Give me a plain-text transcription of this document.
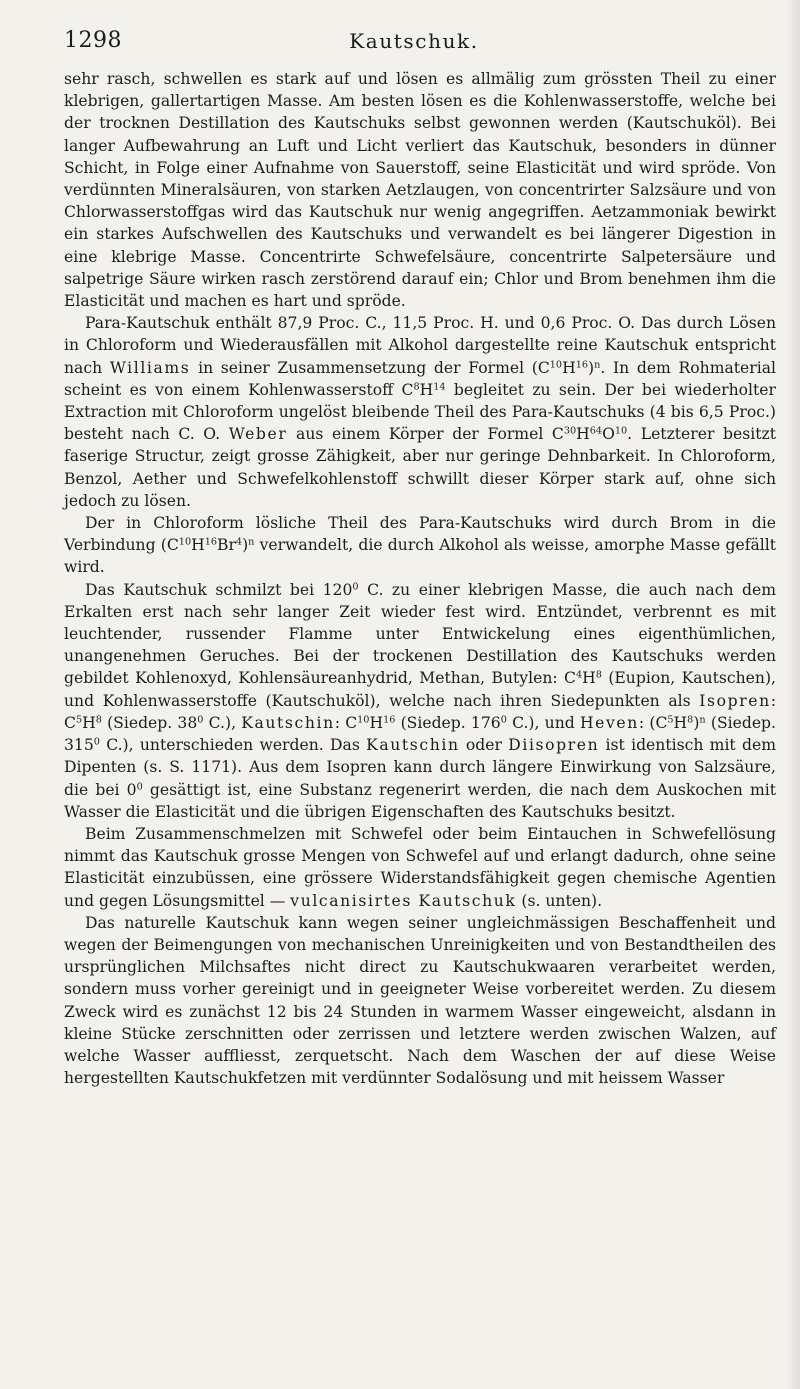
1298	Kautschuk.

sehr rasch, schwellen es stark auf und lösen es allmälig zum grössten Theil zu einer klebrigen, gallertartigen Masse. Am besten lösen es die Kohlenwasserstoffe, welche bei der trocknen Destillation des Kautschuks selbst gewonnen werden (Kautschuköl). Bei langer Aufbewahrung an Luft und Licht verliert das Kautschuk, besonders in dünner Schicht, in Folge einer Aufnahme von Sauerstoff, seine Elasticität und wird spröde. Von verdünnten Mineralsäuren, von starken Aetzlaugen, von concentrirter Salzsäure und von Chlorwasserstoffgas wird das Kautschuk nur wenig angegriffen. Aetzammoniak bewirkt ein starkes Aufschwellen des Kautschuks und verwandelt es bei längerer Digestion in eine klebrige Masse. Concentrirte Schwefelsäure, concentrirte Salpetersäure und salpetrige Säure wirken rasch zerstörend darauf ein; Chlor und Brom benehmen ihm die Elasticität und machen es hart und spröde.

Para-Kautschuk enthält 87,9 Proc. C., 11,5 Proc. H. und 0,6 Proc. O. Das durch Lösen in Chloroform und Wiederausfällen mit Alkohol dargestellte reine Kautschuk entspricht nach Williams in seiner Zusammensetzung der Formel $(C^{10}H^{16})^n$. In dem Rohmaterial scheint es von einem Kohlenwasserstoff $C^8H^{14}$ begleitet zu sein. Der bei wiederholter Extraction mit Chloroform ungelöst bleibende Theil des Para-Kautschuks (4 bis 6,5 Proc.) besteht nach C. O. Weber aus einem Körper der Formel $C^{30}H^{64}O^{10}$. Letzterer besitzt faserige Structur, zeigt grosse Zähigkeit, aber nur geringe Dehnbarkeit. In Chloroform, Benzol, Aether und Schwefelkohlenstoff schwillt dieser Körper stark auf, ohne sich jedoch zu lösen.

Der in Chloroform lösliche Theil des Para-Kautschuks wird durch Brom in die Verbindung $(C^{10}H^{16}Br^4)^n$ verwandelt, die durch Alkohol als weisse, amorphe Masse gefällt wird.

Das Kautschuk schmilzt bei $120^0$ C. zu einer klebrigen Masse, die auch nach dem Erkalten erst nach sehr langer Zeit wieder fest wird. Entzündet, verbrennt es mit leuchtender, russender Flamme unter Entwickelung eines eigenthümlichen, unangenehmen Geruches. Bei der trockenen Destillation des Kautschuks werden gebildet Kohlenoxyd, Kohlensäureanhydrid, Methan, Butylen: $C^4H^8$ (Eupion, Kautschen), und Kohlenwasserstoffe (Kautschuköl), welche nach ihren Siedepunkten als Isopren: $C^5H^8$ (Siedep. $38^0$ C.), Kautschin: $C^{10}H^{16}$ (Siedep. $176^0$ C.), und Heven: $(C^5H^8)^n$ (Siedep. $315^0$ C.), unterschieden werden. Das Kautschin oder Diisopren ist identisch mit dem Dipenten (s. S. 1171). Aus dem Isopren kann durch längere Einwirkung von Salzsäure, die bei $0^0$ gesättigt ist, eine Substanz regenerirt werden, die nach dem Auskochen mit Wasser die Elasticität und die übrigen Eigenschaften des Kautschuks besitzt.

Beim Zusammenschmelzen mit Schwefel oder beim Eintauchen in Schwefellösung nimmt das Kautschuk grosse Mengen von Schwefel auf und erlangt dadurch, ohne seine Elasticität einzubüssen, eine grössere Widerstandsfähigkeit gegen chemische Agentien und gegen Lösungsmittel — vulcanisirtes Kautschuk (s. unten).

Das naturelle Kautschuk kann wegen seiner ungleichmässigen Beschaffenheit und wegen der Beimengungen von mechanischen Unreinigkeiten und von Bestandtheilen des ursprünglichen Milchsaftes nicht direct zu Kautschukwaaren verarbeitet werden, sondern muss vorher gereinigt und in geeigneter Weise vorbereitet werden. Zu diesem Zweck wird es zunächst 12 bis 24 Stunden in warmem Wasser eingeweicht, alsdann in kleine Stücke zerschnitten oder zerrissen und letztere werden zwischen Walzen, auf welche Wasser auffliesst, zerquetscht. Nach dem Waschen der auf diese Weise hergestellten Kautschukfetzen mit verdünnter Sodalösung und mit heissem Wasser
